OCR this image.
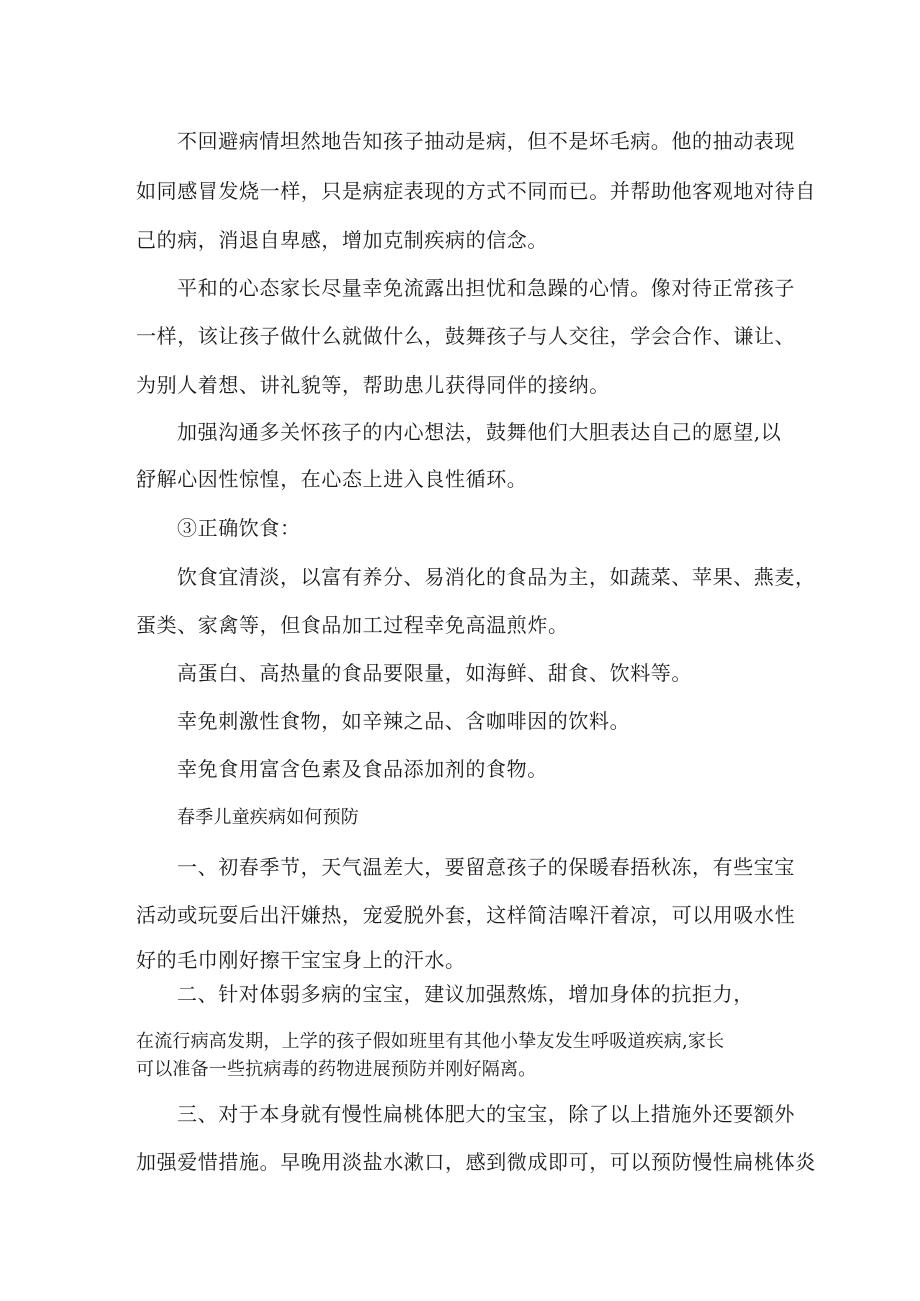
不回避病情坦然地告知孩子抽动是病，但不是坏毛病。他的抽动表现
如同感冒发烧一样，只是病症表现的方式不同而已。并帮助他客观地对待自
己的病，消退自卑感，增加克制疾病的信念。
平和的心态家长尽量幸免流露出担忧和急躁的心情。像对待正常孩子
一样，该让孩子做什么就做什么，鼓舞孩子与人交往，学会合作、谦让、
为别人着想、讲礼貌等，帮助患儿获得同伴的接纳。
加强沟通多关怀孩子的内心想法，鼓舞他们大胆表达自己的愿望,以
舒解心因性惊惶，在心态上进入良性循环。
③正确饮食：
饮食宜清淡，以富有养分、易消化的食品为主，如蔬菜、苹果、燕麦，
蛋类、家禽等，但食品加工过程幸免高温煎炸。
高蛋白、高热量的食品要限量，如海鲜、甜食、饮料等。
幸免刺激性食物，如辛辣之品、含咖啡因的饮料。
幸免食用富含色素及食品添加剂的食物。
春季儿童疾病如何预防
一、初春季节，天气温差大，要留意孩子的保暖春捂秋冻，有些宝宝
活动或玩耍后出汗嫌热，宠爱脱外套，这样简洁嗥汗着凉，可以用吸水性
好的毛巾刚好擦干宝宝身上的汗水。
二、针对体弱多病的宝宝，建议加强熬炼，增加身体的抗拒力，
在流行病高发期，上学的孩子假如班里有其他小挚友发生呼吸道疾病,家长
可以准备一些抗病毒的药物进展预防并刚好隔离。
三、对于本身就有慢性扁桃体肥大的宝宝，除了以上措施外还要额外
加强爱惜措施。早晚用淡盐水漱口，感到微成即可，可以预防慢性扁桃体炎
